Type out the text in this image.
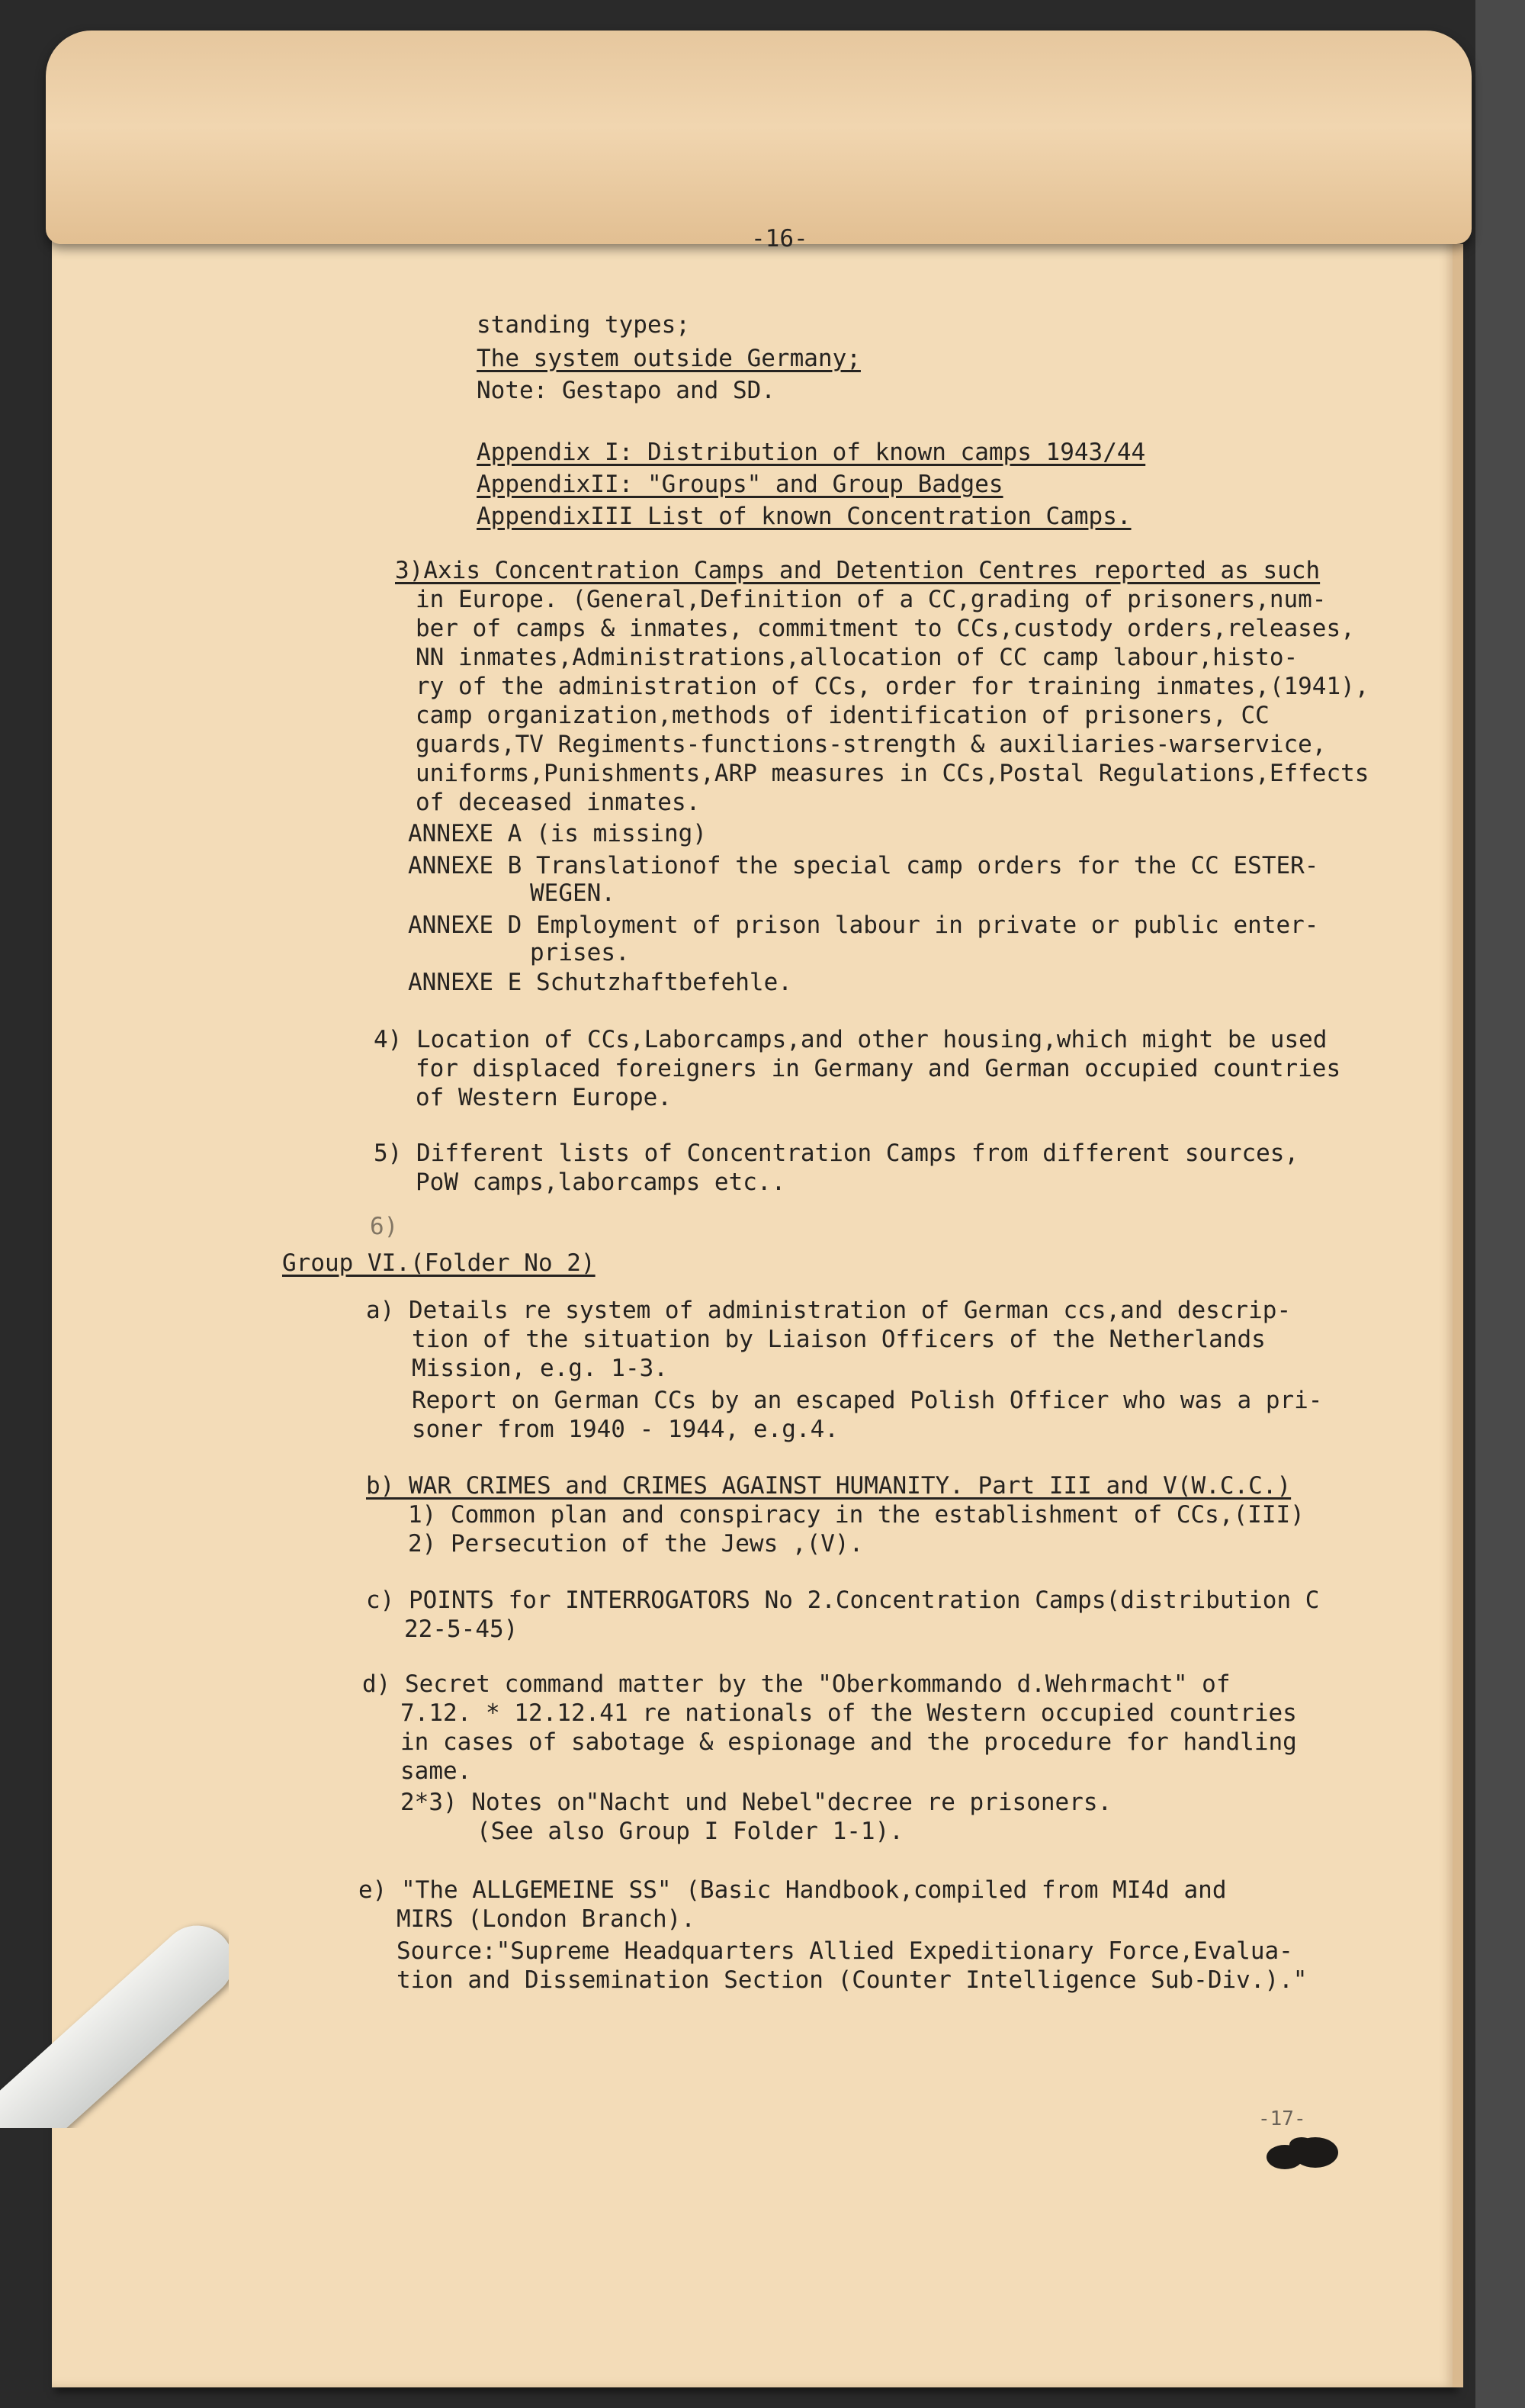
-16-
standing types;
The system outside Germany;
Note: Gestapo and SD.
Appendix I: Distribution of known camps 1943/44
AppendixII: "Groups" and Group Badges
AppendixIII List of known Concentration Camps.
3)Axis Concentration Camps and Detention Centres reported as such
in Europe. (General,Definition of a CC,grading of prisoners,num-
ber of camps & inmates, commitment to CCs,custody orders,releases,
NN inmates,Administrations,allocation of CC camp labour,histo-
ry of the administration of CCs, order for training inmates,(1941),
camp organization,methods of identification of prisoners, CC
guards,TV Regiments-functions-strength & auxiliaries-warservice,
uniforms,Punishments,ARP measures in CCs,Postal Regulations,Effects
of deceased inmates.
ANNEXE A (is missing)
ANNEXE B Translationof the special camp orders for the CC ESTER-
WEGEN.
ANNEXE D Employment of prison labour in private or public enter-
prises.
ANNEXE E Schutzhaftbefehle.
4) Location of CCs,Laborcamps,and other housing,which might be used
for displaced foreigners in Germany and German occupied countries
of Western Europe.
5) Different lists of Concentration Camps from different sources,
PoW camps,laborcamps etc..
6)
Group VI.(Folder No 2)
a) Details re system of administration of German ccs,and descrip-
tion of the situation by Liaison Officers of the Netherlands
Mission, e.g. 1-3.
Report on German CCs by an escaped Polish Officer who was a pri-
soner from 1940 - 1944, e.g.4.
b) WAR CRIMES and CRIMES AGAINST HUMANITY. Part III and V(W.C.C.)
1) Common plan and conspiracy in the establishment of CCs,(III)
2) Persecution of the Jews ,(V).
c) POINTS for INTERROGATORS No 2.Concentration Camps(distribution C
22-5-45)
d) Secret command matter by the "Oberkommando d.Wehrmacht" of
7.12. * 12.12.41 re nationals of the Western occupied countries
in cases of sabotage & espionage and the procedure for handling
same.
2*3) Notes on"Nacht und Nebel"decree re prisoners.
(See also Group I Folder 1-1).
e) "The ALLGEMEINE SS" (Basic Handbook,compiled from MI4d and
MIRS (London Branch).
Source:"Supreme Headquarters Allied Expeditionary Force,Evalua-
tion and Dissemination Section (Counter Intelligence Sub-Div.)."
-17-
